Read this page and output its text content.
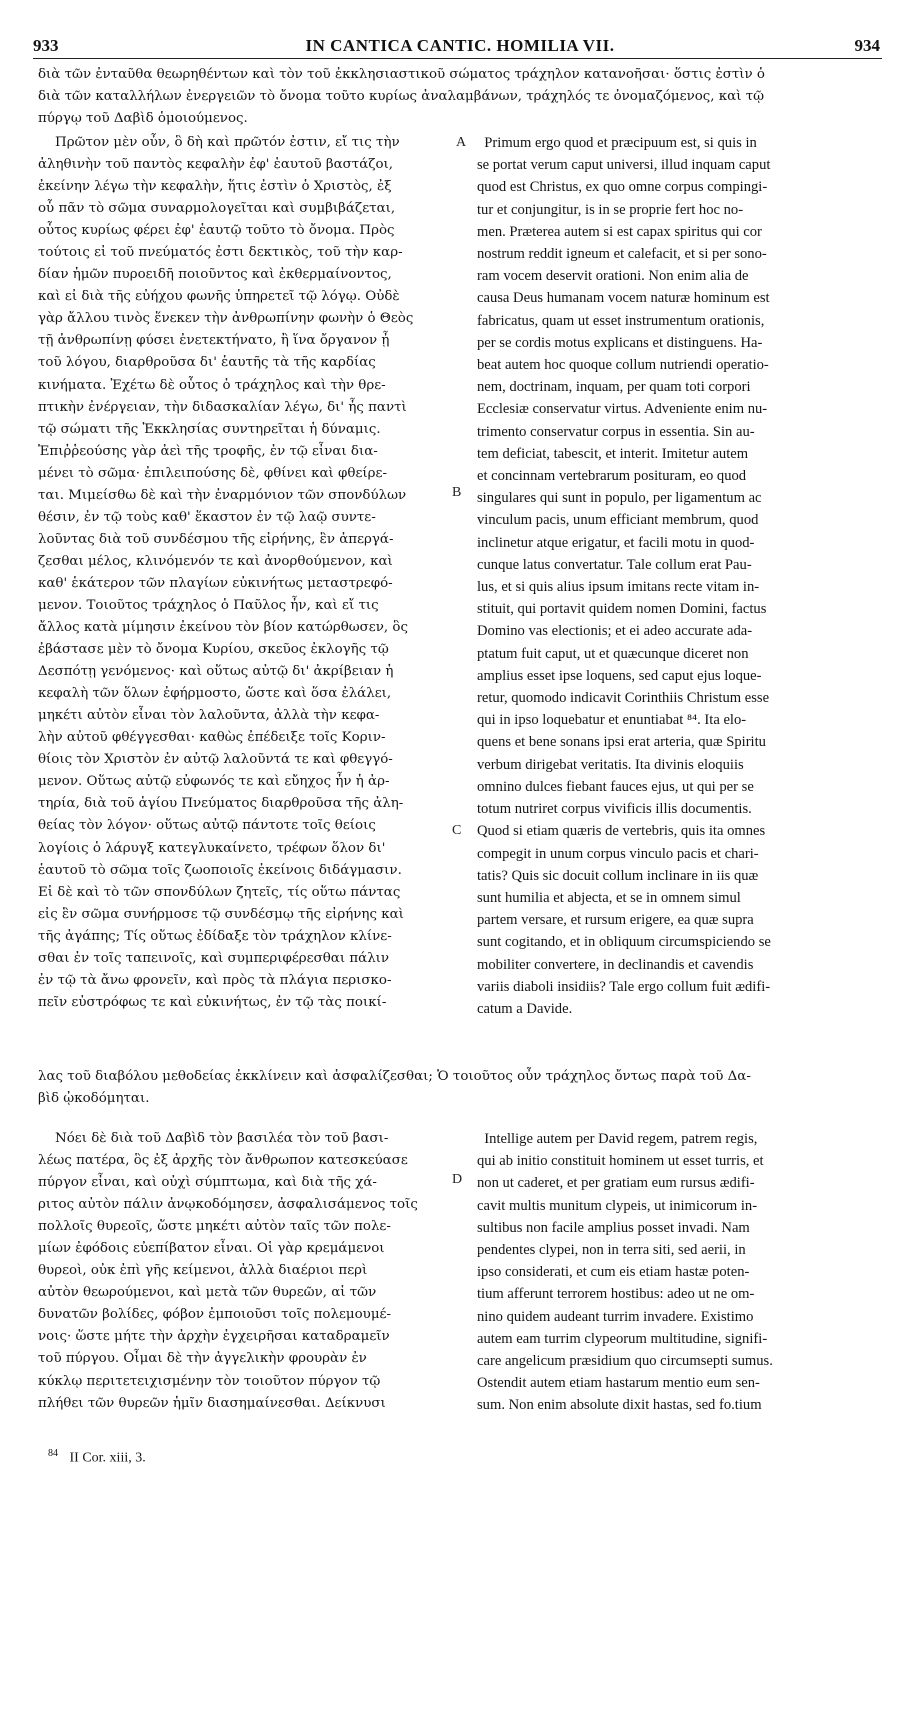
933	IN CANTICA CANTIC. HOMILIA VII.	934
διὰ τῶν ἐνταῦθα θεωρηθέντων καὶ τὸν τοῦ ἐκκλησιαστικοῦ σώματος τράχηλον κατανοῆσαι· ὅστις ἐστὶν ὁ
διὰ τῶν καταλλήλων ἐνεργειῶν τὸ ὄνομα τοῦτο κυρίως ἀναλαμβάνων, τράχηλός τε ὀνομαζόμενος, καὶ τῷ
πύργῳ τοῦ Δαβὶδ ὁμοιούμενος.
Πρῶτον μὲν οὖν, ὃ δὴ καὶ πρῶτόν ἐστιν, εἴ τις τὴν
ἀληθινὴν τοῦ παντὸς κεφαλὴν ἐφ' ἑαυτοῦ βαστάζοι,
ἐκείνην λέγω τὴν κεφαλὴν, ἥτις ἐστὶν ὁ Χριστὸς, ἐξ
οὗ πᾶν τὸ σῶμα συναρμολογεῖται καὶ συμβιβάζεται,
οὗτος κυρίως φέρει ἐφ' ἑαυτῷ τοῦτο τὸ ὄνομα. Πρὸς
τούτοις εἰ τοῦ πνεύματός ἐστι δεκτικὸς, τοῦ τὴν καρ-
δίαν ἡμῶν πυροειδῆ ποιοῦντος καὶ ἐκθερμαίνοντος,
καὶ εἰ διὰ τῆς εὐήχου φωνῆς ὑπηρετεῖ τῷ λόγῳ. Οὐδὲ
γὰρ ἄλλου τινὸς ἕνεκεν τὴν ἀνθρωπίνην φωνὴν ὁ Θεὸς
τῇ ἀνθρωπίνῃ φύσει ἐνετεκτήνατο, ἢ ἵνα ὄργανον ᾖ
τοῦ λόγου, διαρθροῦσα δι' ἑαυτῆς τὰ τῆς καρδίας
κινήματα. Ἐχέτω δὲ οὗτος ὁ τράχηλος καὶ τὴν θρε-
πτικὴν ἐνέργειαν, τὴν διδασκαλίαν λέγω, δι' ἧς παντὶ
τῷ σώματι τῆς Ἐκκλησίας συντηρεῖται ἡ δύναμις.
Ἐπιῤῥεούσης γὰρ ἀεὶ τῆς τροφῆς, ἐν τῷ εἶναι δια-
μένει τὸ σῶμα· ἐπιλειπούσης δὲ, φθίνει καὶ φθείρε-
ται. Μιμείσθω δὲ καὶ τὴν ἐναρμόνιον τῶν σπονδύλων
θέσιν, ἐν τῷ τοὺς καθ' ἕκαστον ἐν τῷ λαῷ συντε-
λοῦντας διὰ τοῦ συνδέσμου τῆς εἰρήνης, ἓν ἀπεργά-
ζεσθαι μέλος, κλινόμενόν τε καὶ ἀνορθούμενον, καὶ
καθ' ἑκάτερον τῶν πλαγίων εὐκινήτως μεταστρεφό-
μενον. Τοιοῦτος τράχηλος ὁ Παῦλος ἦν, καὶ εἴ τις
ἄλλος κατὰ μίμησιν ἐκείνου τὸν βίον κατώρθωσεν, ὃς
ἐβάστασε μὲν τὸ ὄνομα Κυρίου, σκεῦος ἐκλογῆς τῷ
Δεσπότῃ γενόμενος· καὶ οὕτως αὐτῷ δι' ἀκρίβειαν ἡ
κεφαλὴ τῶν ὅλων ἐφήρμοστο, ὥστε καὶ ὅσα ἐλάλει,
μηκέτι αὐτὸν εἶναι τὸν λαλοῦντα, ἀλλὰ τὴν κεφα-
λὴν αὐτοῦ φθέγγεσθαι· καθὼς ἐπέδειξε τοῖς Κοριν-
θίοις τὸν Χριστὸν ἐν αὐτῷ λαλοῦντά τε καὶ φθεγγό-
μενον. Οὕτως αὐτῷ εὐφωνός τε καὶ εὔηχος ἦν ἡ ἀρ-
τηρία, διὰ τοῦ ἁγίου Πνεύματος διαρθροῦσα τῆς ἀλη-
θείας τὸν λόγον· οὕτως αὐτῷ πάντοτε τοῖς θείοις
λογίοις ὁ λάρυγξ κατεγλυκαίνετο, τρέφων ὅλον δι'
ἑαυτοῦ τὸ σῶμα τοῖς ζωοποιοῖς ἐκείνοις διδάγμασιν.
Εἰ δὲ καὶ τὸ τῶν σπονδύλων ζητεῖς, τίς οὕτω πάντας
εἰς ἓν σῶμα συνήρμοσε τῷ συνδέσμῳ τῆς εἰρήνης καὶ
τῆς ἀγάπης; Τίς οὕτως ἐδίδαξε τὸν τράχηλον κλίνε-
σθαι ἐν τοῖς ταπεινοῖς, καὶ συμπεριφέρεσθαι πάλιν
ἐν τῷ τὰ ἄνω φρονεῖν, καὶ πρὸς τὰ πλάγια περισκο-
πεῖν εὐστρόφως τε καὶ εὐκινήτως, ἐν τῷ τὰς ποικί-
Primum ergo quod et præcipuum est, si quis in
se portat verum caput universi, illud inquam caput
quod est Christus, ex quo omne corpus compingi-
tur et conjungitur, is in se proprie fert hoc no-
men. Præterea autem si est capax spiritus qui cor
nostrum reddit igneum et calefacit, et si per sono-
ram vocem deservit orationi. Non enim alia de
causa Deus humanam vocem naturæ hominum est
fabricatus, quam ut esset instrumentum orationis,
per se cordis motus explicans et distinguens. Ha-
beat autem hoc quoque collum nutriendi operatio-
nem, doctrinam, inquam, per quam toti corpori
Ecclesiæ conservatur virtus. Adveniente enim nu-
trimento conservatur corpus in essentia. Sin au-
tem deficiat, tabescit, et interit. Imitetur autem
et concinnam vertebrarum posituram, eo quod
singulares qui sunt in populo, per ligamentum ac
vinculum pacis, unum efficiant membrum, quod
inclinetur atque erigatur, et facili motu in quod-
cunque latus convertatur. Tale collum erat Pau-
lus, et si quis alius ipsum imitans recte vitam in-
stituit, qui portavit quidem nomen Domini, factus
Domino vas electionis; et ei adeo accurate ada-
ptatum fuit caput, ut et quæcunque diceret non
amplius esset ipse loquens, sed caput ejus loque-
retur, quomodo indicavit Corinthiis Christum esse
qui in ipso loquebatur et enuntiabat ⁸⁴. Ita elo-
quens et bene sonans ipsi erat arteria, quæ Spiritu
verbum dirigebat veritatis. Ita divinis eloquiis
omnino dulces fiebant fauces ejus, ut qui per se
totum nutriret corpus vivificis illis documentis.
Quod si etiam quæris de vertebris, quis ita omnes
compegit in unum corpus vinculo pacis et chari-
tatis? Quis sic docuit collum inclinare in iis quæ
sunt humilia et abjecta, et se in omnem simul
partem versare, et rursum erigere, ea quæ supra
sunt cogitando, et in obliquum circumspiciendo se
mobiliter convertere, in declinandis et cavendis
variis diaboli insidiis? Tale ergo collum fuit ædifi-
catum a Davide.
A
B
C
D
λας τοῦ διαβόλου μεθοδείας ἐκκλίνειν καὶ ἀσφαλίζεσθαι; Ὁ τοιοῦτος οὖν τράχηλος ὄντως παρὰ τοῦ Δα-
βὶδ ᾠκοδόμηται.
Νόει δὲ διὰ τοῦ Δαβὶδ τὸν βασιλέα τὸν τοῦ βασι-
λέως πατέρα, ὃς ἐξ ἀρχῆς τὸν ἄνθρωπον κατεσκεύασε
πύργον εἶναι, καὶ οὐχὶ σύμπτωμα, καὶ διὰ τῆς χά-
ριτος αὐτὸν πάλιν ἀνῳκοδόμησεν, ἀσφαλισάμενος τοῖς
πολλοῖς θυρεοῖς, ὥστε μηκέτι αὐτὸν ταῖς τῶν πολε-
μίων ἐφόδοις εὐεπίβατον εἶναι. Οἱ γὰρ κρεμάμενοι
θυρεοὶ, οὐκ ἐπὶ γῆς κείμενοι, ἀλλὰ διαέριοι περὶ
αὐτὸν θεωρούμενοι, καὶ μετὰ τῶν θυρεῶν, αἱ τῶν
δυνατῶν βολίδες, φόβον ἐμποιοῦσι τοῖς πολεμουμέ-
νοις· ὥστε μήτε τὴν ἀρχὴν ἐγχειρῆσαι καταδραμεῖν
τοῦ πύργου. Οἶμαι δὲ τὴν ἀγγελικὴν φρουρὰν ἐν
κύκλῳ περιτετειχισμένην τὸν τοιοῦτον πύργον τῷ
πλήθει τῶν θυρεῶν ἡμῖν διασημαίνεσθαι. Δείκνυσι
Intellige autem per David regem, patrem regis,
qui ab initio constituit hominem ut esset turris, et
non ut caderet, et per gratiam eum rursus ædifi-
cavit multis munitum clypeis, ut inimicorum in-
sultibus non facile amplius posset invadi. Nam
pendentes clypei, non in terra siti, sed aerii, in
ipso considerati, et cum eis etiam hastæ poten-
tium afferunt terrorem hostibus: adeo ut ne om-
nino quidem audeant turrim invadere. Existimo
autem eam turrim clypeorum multitudine, signifi-
care angelicum præsidium quo circumsepti sumus.
Ostendit autem etiam hastarum mentio eum sen-
sum. Non enim absolute dixit hastas, sed fo.tium
$^{84}$ II Cor. xiii, 3.
